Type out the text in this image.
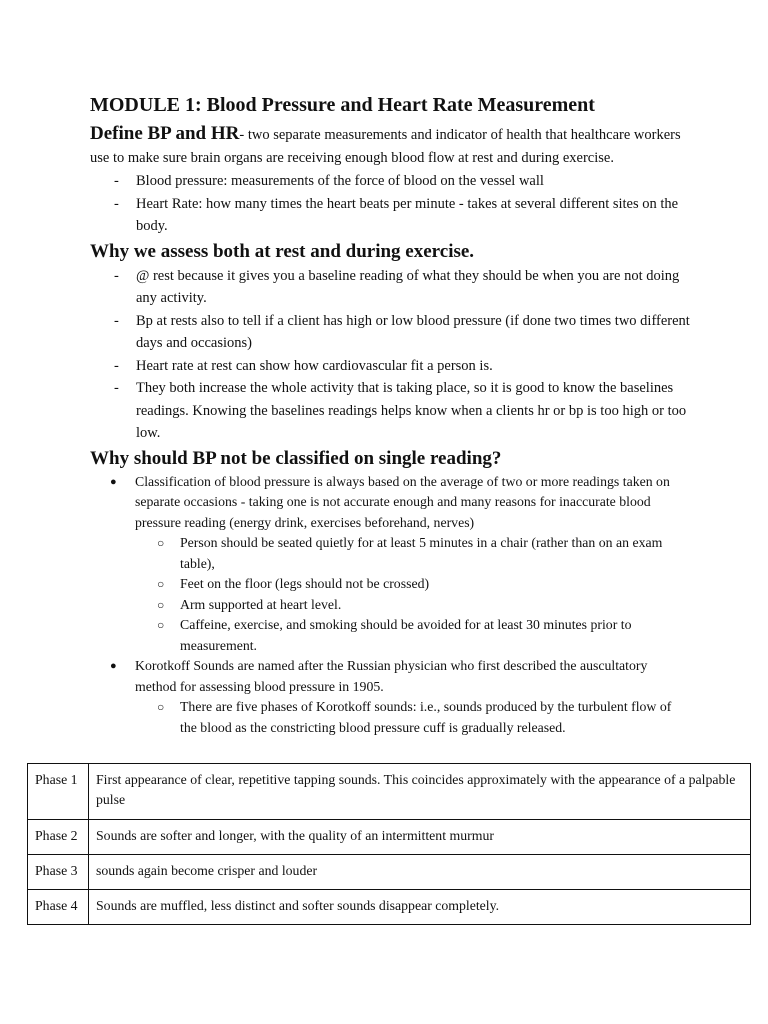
MODULE 1: Blood Pressure and Heart Rate Measurement

Define BP and HR- two separate measurements and indicator of health that healthcare workers use to make sure brain organs are receiving enough blood flow at rest and during exercise.

- Blood pressure: measurements of the force of blood on the vessel wall
- Heart Rate: how many times the heart beats per minute - takes at several different sites on the body.
Why we assess both at rest and during exercise.
- @ rest because it gives you a baseline reading of what they should be when you are not doing any activity.
- Bp at rests also to tell if a client has high or low blood pressure (if done two times two different days and occasions)
- Heart rate at rest can show how cardiovascular fit a person is.
- They both increase the whole activity that is taking place, so it is good to know the baselines readings. Knowing the baselines readings helps know when a clients hr or bp is too high or too low.
Why should BP not be classified on single reading?
● Classification of blood pressure is always based on the average of two or more readings taken on separate occasions - taking one is not accurate enough and many reasons for inaccurate blood pressure reading (energy drink, exercises beforehand, nerves)
○ Person should be seated quietly for at least 5 minutes in a chair (rather than on an exam table),
○ Feet on the floor (legs should not be crossed)
○ Arm supported at heart level.
○ Caffeine, exercise, and smoking should be avoided for at least 30 minutes prior to measurement.
● Korotkoff Sounds are named after the Russian physician who first described the auscultatory method for assessing blood pressure in 1905.
○ There are five phases of Korotkoff sounds: i.e., sounds produced by the turbulent flow of the blood as the constricting blood pressure cuff is gradually released.
Phase 1	First appearance of clear, repetitive tapping sounds. This coincides approximately with the appearance of a palpable pulse
Phase 2	Sounds are softer and longer, with the quality of an intermittent murmur
Phase 3	sounds again become crisper and louder
Phase 4	Sounds are muffled, less distinct and softer sounds disappear completely.
